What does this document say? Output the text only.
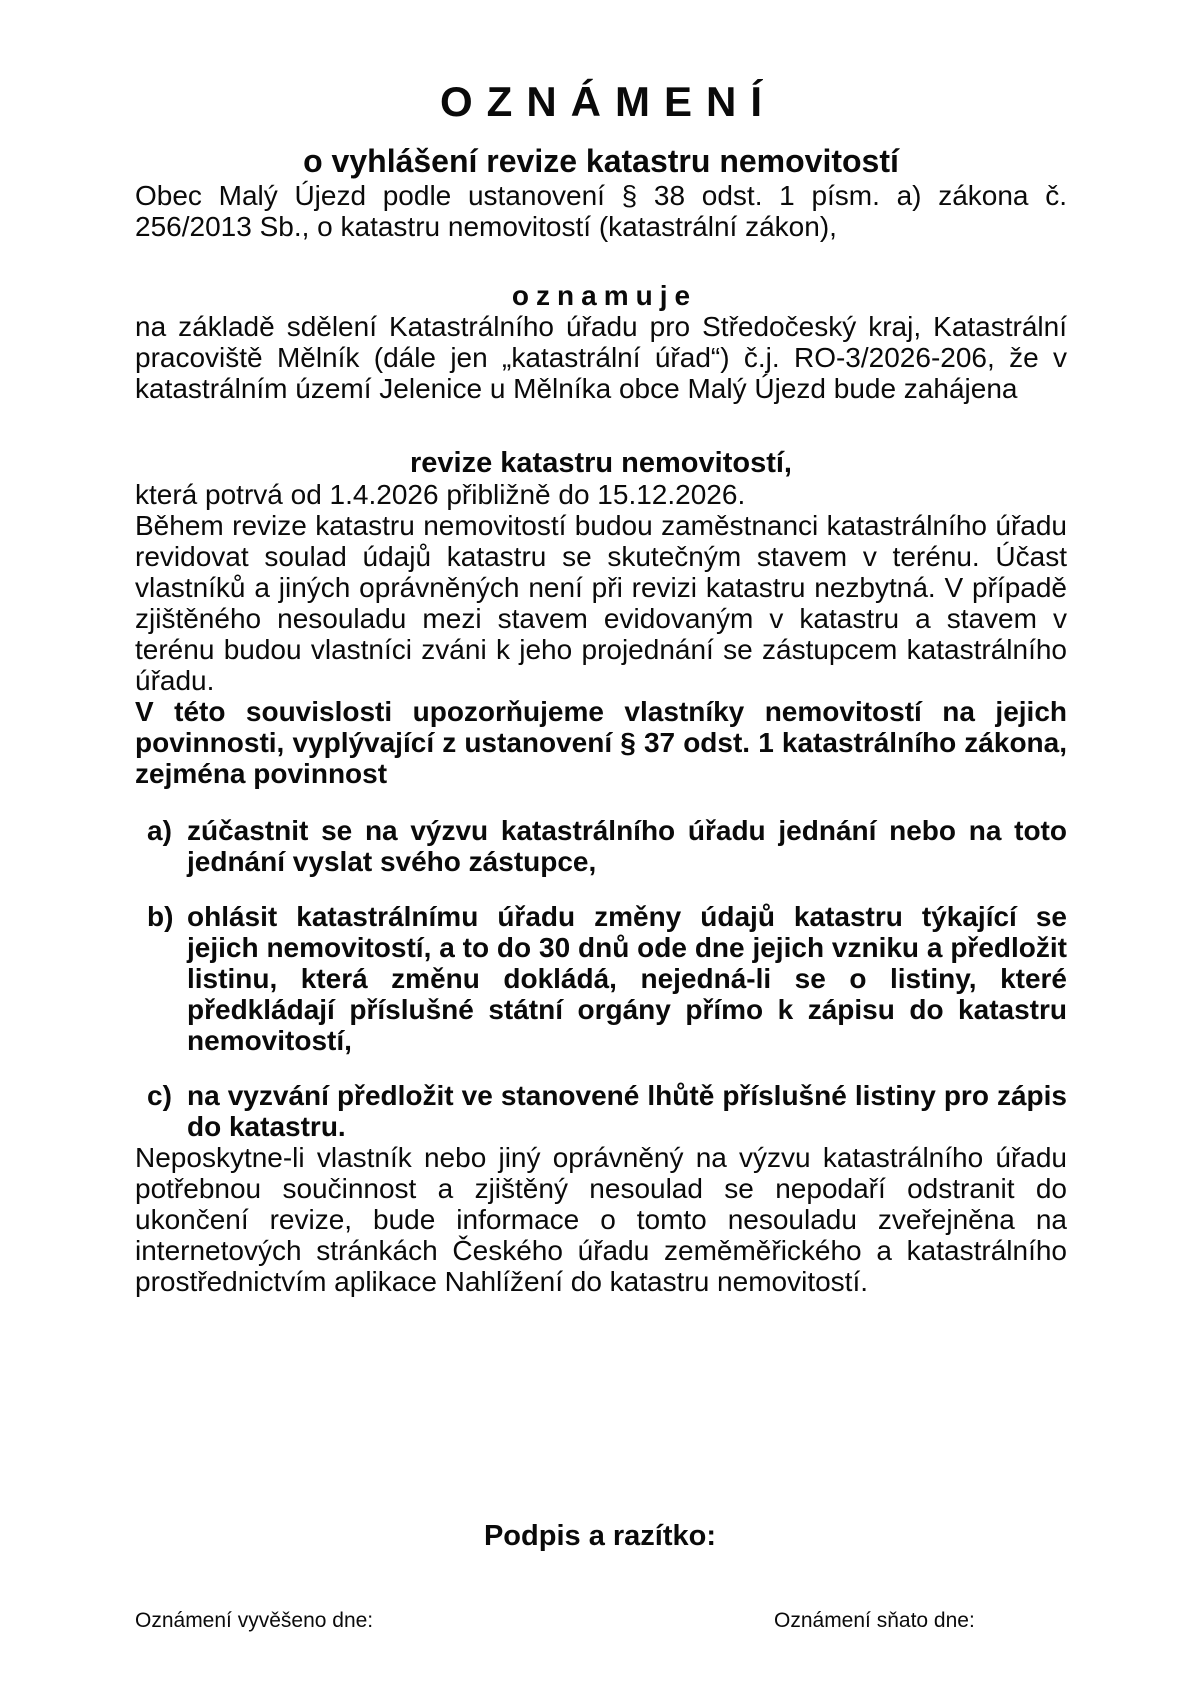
OZNÁMENÍ
o vyhlášení revize katastru nemovitostí

Obec Malý Újezd podle ustanovení § 38 odst. 1 písm. a) zákona č. 256/2013 Sb., o katastru nemovitostí (katastrální zákon),

oznamuje

na základě sdělení Katastrálního úřadu pro Středočeský kraj, Katastrální pracoviště Mělník (dále jen „katastrální úřad“) č.j. RO-3/2026-206, že v katastrálním území Jelenice u Mělníka obce Malý Újezd bude zahájena

revize katastru nemovitostí,

která potrvá od 1.4.2026 přibližně do 15.12.2026.

Během revize katastru nemovitostí budou zaměstnanci katastrálního úřadu revidovat soulad údajů katastru se skutečným stavem v terénu. Účast vlastníků a jiných oprávněných není při revizi katastru nezbytná. V případě zjištěného nesouladu mezi stavem evidovaným v katastru a stavem v terénu budou vlastníci zváni k jeho projednání se zástupcem katastrálního úřadu.

V této souvislosti upozorňujeme vlastníky nemovitostí na jejich povinnosti, vyplývající z ustanovení § 37 odst. 1 katastrálního zákona, zejména povinnost

a) zúčastnit se na výzvu katastrálního úřadu jednání nebo na toto jednání vyslat svého zástupce,
b) ohlásit katastrálnímu úřadu změny údajů katastru týkající se jejich nemovitostí, a to do 30 dnů ode dne jejich vzniku a předložit listinu, která změnu dokládá, nejedná-li se o listiny, které předkládají příslušné státní orgány přímo k zápisu do katastru nemovitostí,
c) na vyzvání předložit ve stanovené lhůtě příslušné listiny pro zápis do katastru.

Neposkytne-li vlastník nebo jiný oprávněný na výzvu katastrálního úřadu potřebnou součinnost a zjištěný nesoulad se nepodaří odstranit do ukončení revize, bude informace o tomto nesouladu zveřejněna na internetových stránkách Českého úřadu zeměměřického a katastrálního prostřednictvím aplikace Nahlížení do katastru nemovitostí.

Podpis a razítko:

Oznámení vyvěšeno dne:	Oznámení sňato dne:
